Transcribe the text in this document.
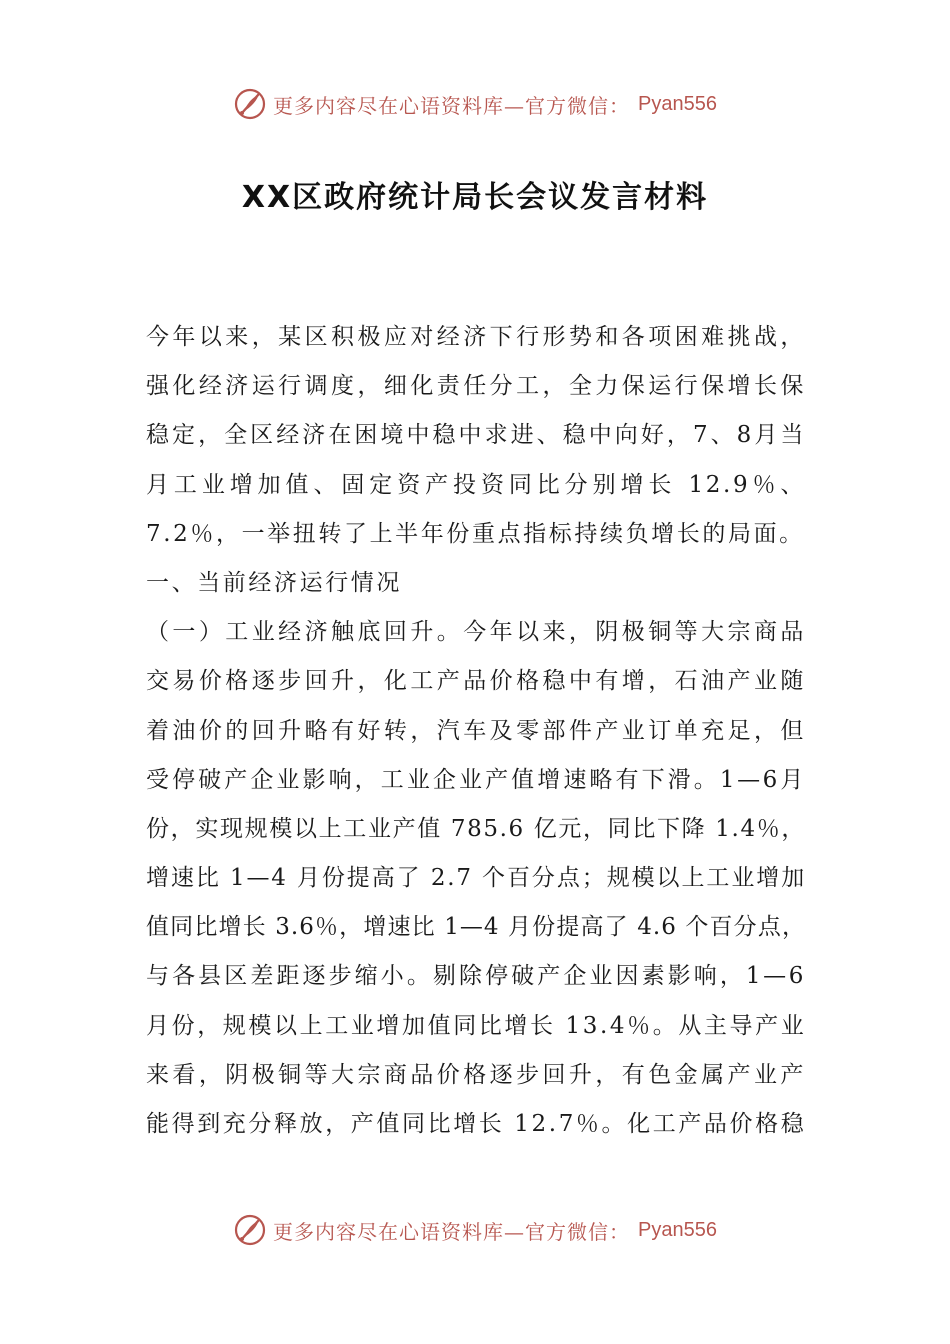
更多内容尽在心语资料库—官方微信： Pyan556
XX区政府统计局长会议发言材料
今年以来，某区积极应对经济下行形势和各项困难挑战，
强化经济运行调度，细化责任分工，全力保运行保增长保
稳定，全区经济在困境中稳中求进、稳中向好，7、8月当
月工业增加值、固定资产投资同比分别增长 12.9％、
7.2％，一举扭转了上半年份重点指标持续负增长的局面。
一、当前经济运行情况
（一）工业经济触底回升。今年以来，阴极铜等大宗商品
交易价格逐步回升，化工产品价格稳中有增，石油产业随
着油价的回升略有好转，汽车及零部件产业订单充足，但
受停破产企业影响，工业企业产值增速略有下滑。1—6月
份，实现规模以上工业产值 785.6 亿元，同比下降 1.4％，
增速比 1—4 月份提高了 2.7 个百分点；规模以上工业增加
值同比增长 3.6％，增速比 1—4 月份提高了 4.6 个百分点，
与各县区差距逐步缩小。剔除停破产企业因素影响，1—6
月份，规模以上工业增加值同比增长 13.4％。从主导产业
来看，阴极铜等大宗商品价格逐步回升，有色金属产业产
能得到充分释放，产值同比增长 12.7％。化工产品价格稳
更多内容尽在心语资料库—官方微信： Pyan556
